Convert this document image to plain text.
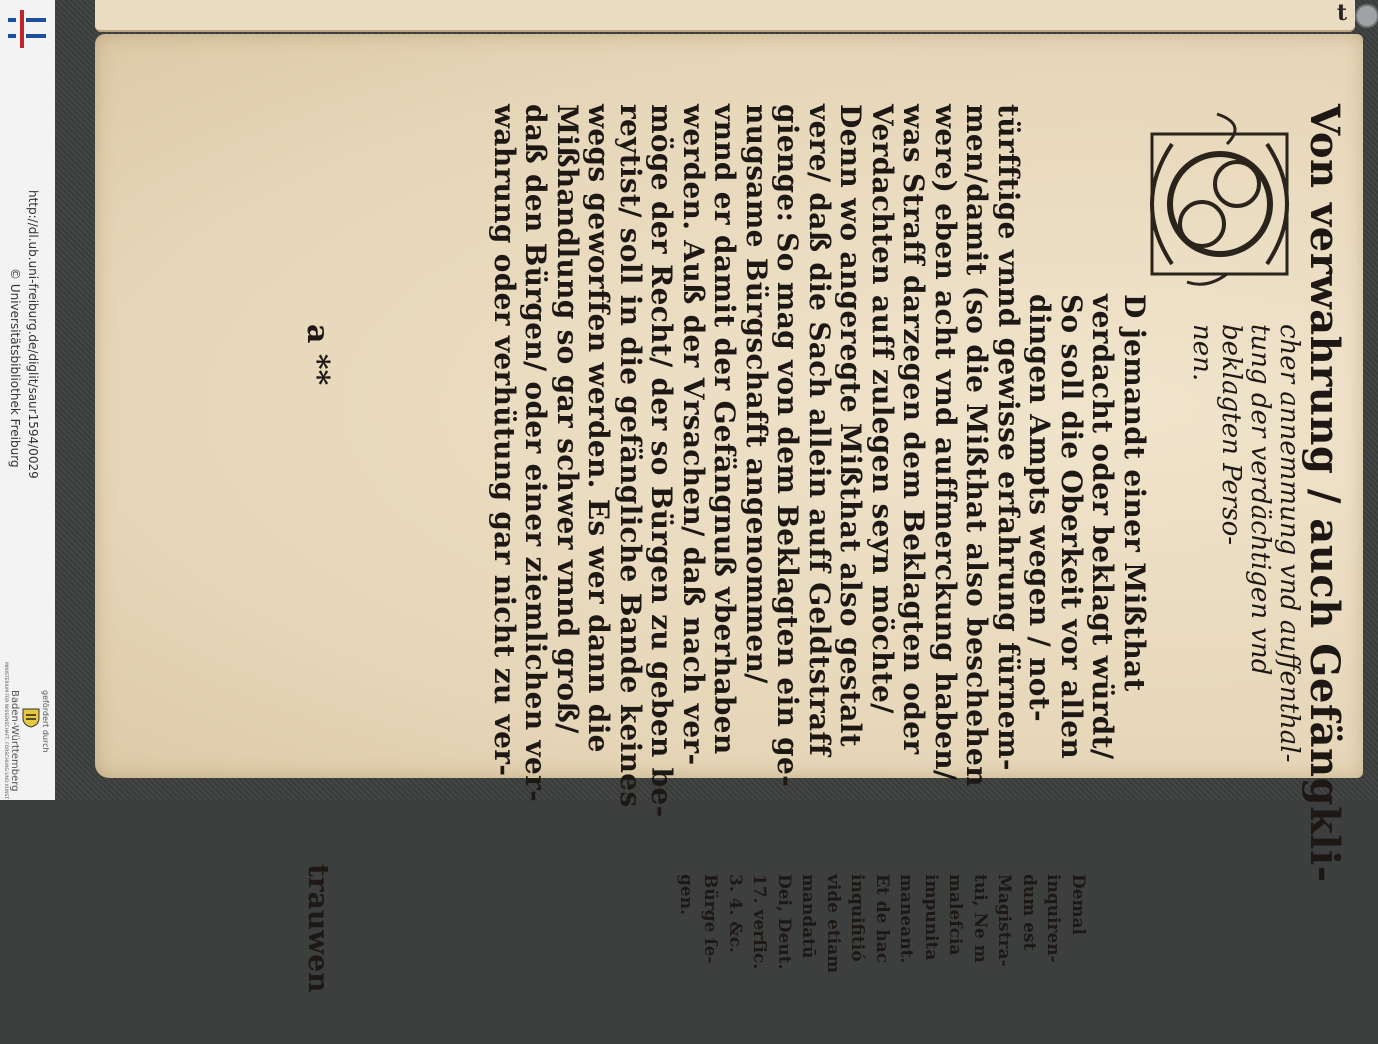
http://dl.ub.uni-freiburg.de/diglit/saur1594/0029
© Universitätsbibliothek Freiburg
gefördert durch
Baden-Württemberg
MINISTERIUM FÜR WISSENSCHAFT, FORSCHUNG UND KUNST
t
Von verwahrung / auch Gefängkli-
cher annemmung vnd auffenthal-
tung der verdächtigen vnd
beklagten Perso-
nen.
D jemandt einer Mißthat
verdacht oder beklagt würdt/
So soll die Oberkeit vor allen
dingen Ampts wegen / not-
türfftige vnnd gewisse erfahrung fürnem-
men/damit (so die Mißthat also beschehen
were) eben acht vnd auffmerckung haben/
was Straff darzegen dem Beklagten oder
Verdachten auff zulegen seyn möchte/
Denn wo angeregte Mißthat also gestalt
vere/ daß die Sach allein auff Geldtstraff
gienge: So mag von dem Beklagten ein ge-
nugsame Bürgschafft angenommen/
vnnd er damit der Gefängnuß vberhaben
werden. Auß der Vrsachen/ daß nach ver-
möge der Recht/ der so Bürgen zu geben be-
reytist/ soll in die gefängliche Bande keines
wegs geworffen werden. Es wer dann die
Mißhandlung so gar schwer vnnd groß/
daß den Bürgen/ oder einer ziemlichen ver-
wahrung oder verhütung gar nicht zu ver-
Demal
inquiren-
dum est
Magistra-
tui, Ne m
malefcia
impunita
maneant.
Et de hac
inquifitió
vide etiam
mandatū
Dei, Deut.
17. verſic.
3. 4. &c.
Bürge ſe-
gen.
a **
trauwen
